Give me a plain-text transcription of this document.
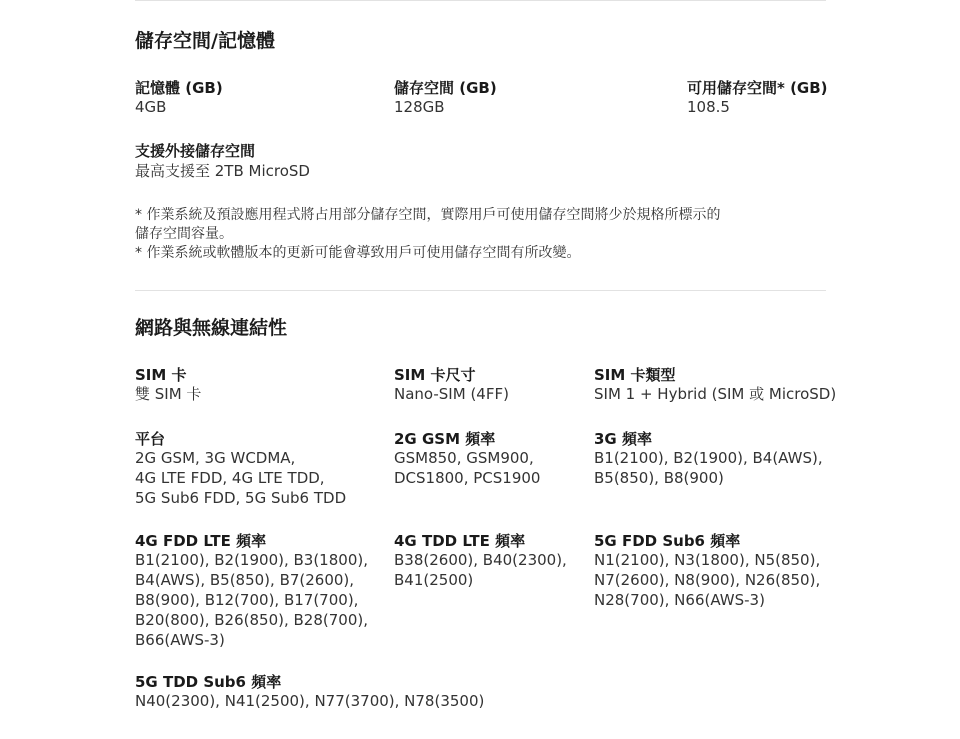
儲存空間/記憶體
記憶體 (GB)
4GB
儲存空間 (GB)
128GB
可用儲存空間* (GB)
108.5
支援外接儲存空間
最高支援至 2TB MicroSD
* 作業系統及預設應用程式將占用部分儲存空間，實際用戶可使用儲存空間將少於規格所標示的
儲存空間容量。
* 作業系統或軟體版本的更新可能會導致用戶可使用儲存空間有所改變。
網路與無線連結性
SIM 卡
雙 SIM 卡
SIM 卡尺寸
Nano-SIM (4FF)
SIM 卡類型
SIM 1 + Hybrid (SIM 或 MicroSD)
平台
2G GSM, 3G WCDMA,
4G LTE FDD, 4G LTE TDD,
5G Sub6 FDD, 5G Sub6 TDD
2G GSM 頻率
GSM850, GSM900,
DCS1800, PCS1900
3G 頻率
B1(2100), B2(1900), B4(AWS),
B5(850), B8(900)
4G FDD LTE 頻率
B1(2100), B2(1900), B3(1800),
B4(AWS), B5(850), B7(2600),
B8(900), B12(700), B17(700),
B20(800), B26(850), B28(700),
B66(AWS-3)
4G TDD LTE 頻率
B38(2600), B40(2300),
B41(2500)
5G FDD Sub6 頻率
N1(2100), N3(1800), N5(850),
N7(2600), N8(900), N26(850),
N28(700), N66(AWS-3)
5G TDD Sub6 頻率
N40(2300), N41(2500), N77(3700), N78(3500)
